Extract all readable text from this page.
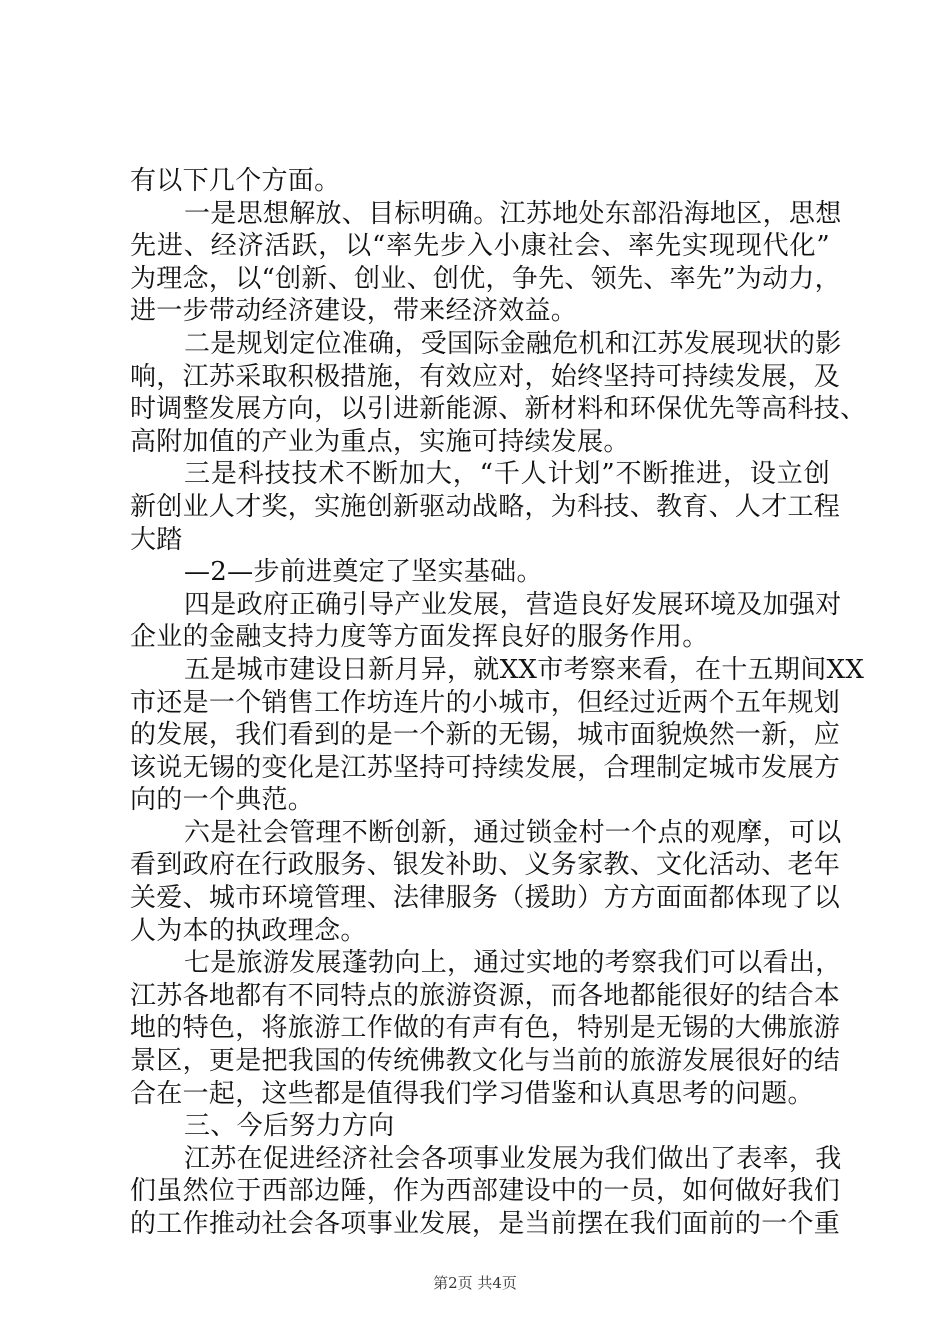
有以下几个方面。
一是思想解放、目标明确。江苏地处东部沿海地区，思想
先进、经济活跃，以“率先步入小康社会、率先实现现代化”
为理念，以“创新、创业、创优，争先、领先、率先”为动力，
进一步带动经济建设，带来经济效益。
二是规划定位准确，受国际金融危机和江苏发展现状的影
响，江苏采取积极措施，有效应对，始终坚持可持续发展，及
时调整发展方向，以引进新能源、新材料和环保优先等高科技、
高附加值的产业为重点，实施可持续发展。
三是科技技术不断加大，“千人计划”不断推进，设立创
新创业人才奖，实施创新驱动战略，为科技、教育、人才工程
大踏
—2—步前进奠定了坚实基础。
四是政府正确引导产业发展，营造良好发展环境及加强对
企业的金融支持力度等方面发挥良好的服务作用。
五是城市建设日新月异，就XX市考察来看，在十五期间XX
市还是一个销售工作坊连片的小城市，但经过近两个五年规划
的发展，我们看到的是一个新的无锡，城市面貌焕然一新，应
该说无锡的变化是江苏坚持可持续发展，合理制定城市发展方
向的一个典范。
六是社会管理不断创新，通过锁金村一个点的观摩，可以
看到政府在行政服务、银发补助、义务家教、文化活动、老年
关爱、城市环境管理、法律服务（援助）方方面面都体现了以
人为本的执政理念。
七是旅游发展蓬勃向上，通过实地的考察我们可以看出，
江苏各地都有不同特点的旅游资源，而各地都能很好的结合本
地的特色，将旅游工作做的有声有色，特别是无锡的大佛旅游
景区，更是把我国的传统佛教文化与当前的旅游发展很好的结
合在一起，这些都是值得我们学习借鉴和认真思考的问题。
三、今后努力方向
江苏在促进经济社会各项事业发展为我们做出了表率，我
们虽然位于西部边陲，作为西部建设中的一员，如何做好我们
的工作推动社会各项事业发展，是当前摆在我们面前的一个重
第2页 共4页
